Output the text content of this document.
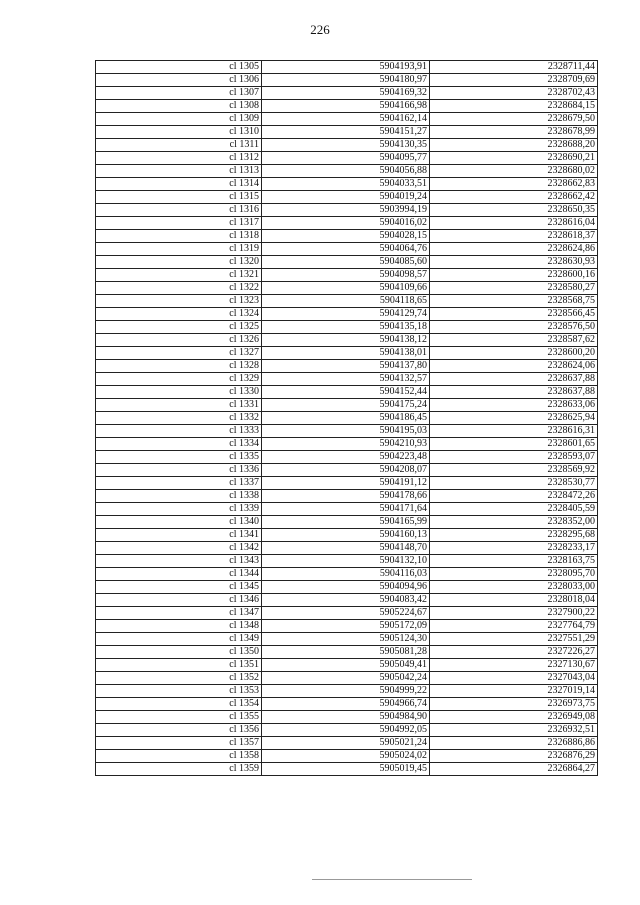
226
cl 1305	5904193,91	2328711,44
cl 1306	5904180,97	2328709,69
cl 1307	5904169,32	2328702,43
cl 1308	5904166,98	2328684,15
cl 1309	5904162,14	2328679,50
cl 1310	5904151,27	2328678,99
cl 1311	5904130,35	2328688,20
cl 1312	5904095,77	2328690,21
cl 1313	5904056,88	2328680,02
cl 1314	5904033,51	2328662,83
cl 1315	5904019,24	2328662,42
cl 1316	5903994,19	2328650,35
cl 1317	5904016,02	2328616,04
cl 1318	5904028,15	2328618,37
cl 1319	5904064,76	2328624,86
cl 1320	5904085,60	2328630,93
cl 1321	5904098,57	2328600,16
cl 1322	5904109,66	2328580,27
cl 1323	5904118,65	2328568,75
cl 1324	5904129,74	2328566,45
cl 1325	5904135,18	2328576,50
cl 1326	5904138,12	2328587,62
cl 1327	5904138,01	2328600,20
cl 1328	5904137,80	2328624,06
cl 1329	5904132,57	2328637,88
cl 1330	5904152,44	2328637,88
cl 1331	5904175,24	2328633,06
cl 1332	5904186,45	2328625,94
cl 1333	5904195,03	2328616,31
cl 1334	5904210,93	2328601,65
cl 1335	5904223,48	2328593,07
cl 1336	5904208,07	2328569,92
cl 1337	5904191,12	2328530,77
cl 1338	5904178,66	2328472,26
cl 1339	5904171,64	2328405,59
cl 1340	5904165,99	2328352,00
cl 1341	5904160,13	2328295,68
cl 1342	5904148,70	2328233,17
cl 1343	5904132,10	2328163,75
cl 1344	5904116,03	2328095,70
cl 1345	5904094,96	2328033,00
cl 1346	5904083,42	2328018,04
cl 1347	5905224,67	2327900,22
cl 1348	5905172,09	2327764,79
cl 1349	5905124,30	2327551,29
cl 1350	5905081,28	2327226,27
cl 1351	5905049,41	2327130,67
cl 1352	5905042,24	2327043,04
cl 1353	5904999,22	2327019,14
cl 1354	5904966,74	2326973,75
cl 1355	5904984,90	2326949,08
cl 1356	5904992,05	2326932,51
cl 1357	5905021,24	2326886,86
cl 1358	5905024,02	2326876,29
cl 1359	5905019,45	2326864,27
